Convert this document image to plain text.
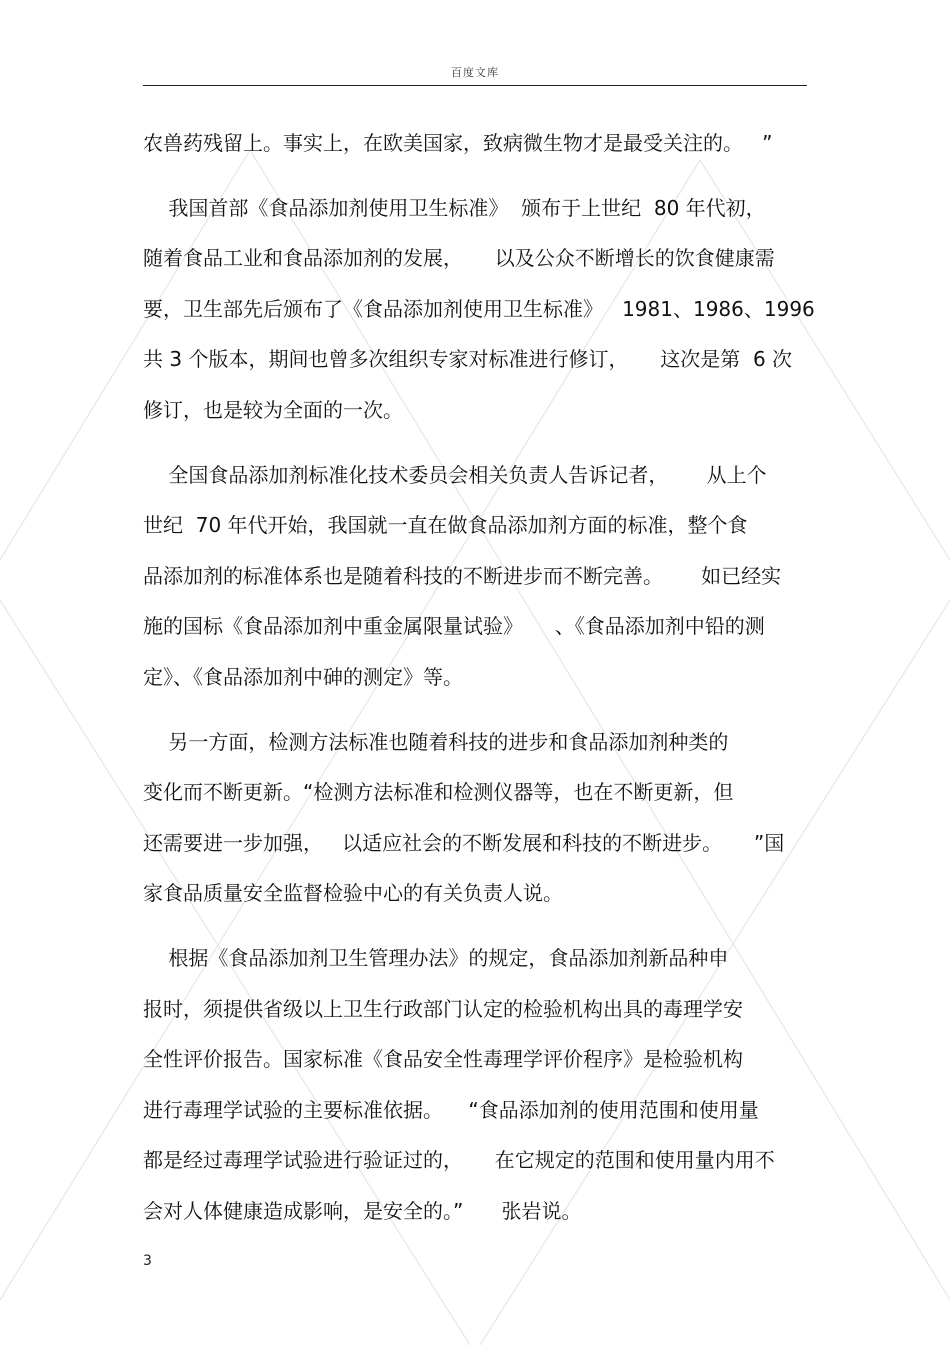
百度文库
农兽药残留上。事实上，在欧美国家，致病微生物才是最受关注的。   ”
我国首部《食品添加剂使用卫生标准》  颁布于上世纪  80 年代初，
随着食品工业和食品添加剂的发展，     以及公众不断增长的饮食健康需
要，卫生部先后颁布了《食品添加剂使用卫生标准》   1981、1986、1996
共 3 个版本，期间也曾多次组织专家对标准进行修订，     这次是第  6 次
修订，也是较为全面的一次。
全国食品添加剂标准化技术委员会相关负责人告诉记者，      从上个
世纪  70 年代开始，我国就一直在做食品添加剂方面的标准，整个食
品添加剂的标准体系也是随着科技的不断进步而不断完善。      如已经实
施的国标《食品添加剂中重金属限量试验》     、《食品添加剂中铅的测
定》、《食品添加剂中砷的测定》等。
另一方面，检测方法标准也随着科技的进步和食品添加剂种类的
变化而不断更新。“检测方法标准和检测仪器等，也在不断更新，但
还需要进一步加强，   以适应社会的不断发展和科技的不断进步。     ”国
家食品质量安全监督检验中心的有关负责人说。
根据《食品添加剂卫生管理办法》的规定，食品添加剂新品种申
报时，须提供省级以上卫生行政部门认定的检验机构出具的毒理学安
全性评价报告。国家标准《食品安全性毒理学评价程序》是检验机构
进行毒理学试验的主要标准依据。    “食品添加剂的使用范围和使用量
都是经过毒理学试验进行验证过的，     在它规定的范围和使用量内用不
会对人体健康造成影响，是安全的。”      张岩说。
3
